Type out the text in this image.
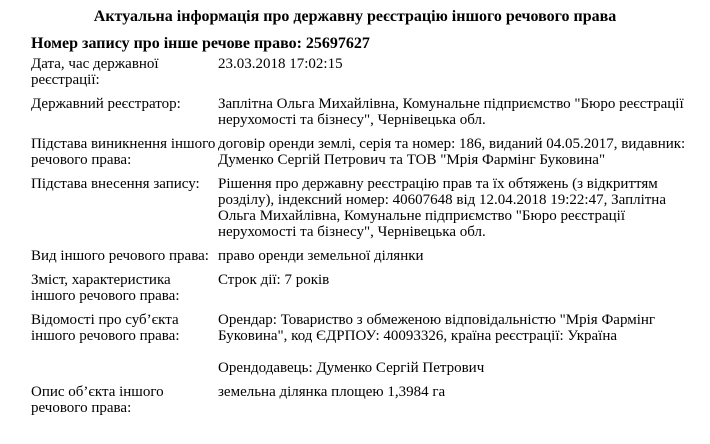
Актуальна інформація про державну реєстрацію іншого речового права
Номер запису про інше речове право: 25697627
Дата, час державної реєстрації:

23.03.2018 17:02:15

Державний реєстратор:	Заплітна Ольга Михайлівна, Комунальне підприємство "Бюро реєстрації нерухомості та бізнесу", Чернівецька обл.

Підстава виникнення іншого речового права:

договір оренди землі, серія та номер: 186, виданий 04.05.2017, видавник: Думенко Сергій Петрович та ТОВ "Мрія Фармінг Буковина"

Підстава внесення запису:	Рішення про державну реєстрацію прав та їх обтяжень (з відкриттям розділу), індексний номер: 40607648 від 12.04.2018 19:22:47, Заплітна Ольга Михайлівна, Комунальне підприємство "Бюро реєстрації нерухомості та бізнесу", Чернівецька обл.

Вид іншого речового права: право оренди земельної ділянки

Зміст, характеристика іншого речового права:

Строк дії: 7 років

Відомості про суб’єкта іншого речового права:

Орендар: Товариство з обмеженою відповідальністю "Мрія Фармінг Буковина", код ЄДРПОУ: 40093326, країна реєстрації: Україна

Орендодавець: Думенко Сергій Петрович

Опис об’єкта іншого речового права:

земельна ділянка площею 1,3984 га
